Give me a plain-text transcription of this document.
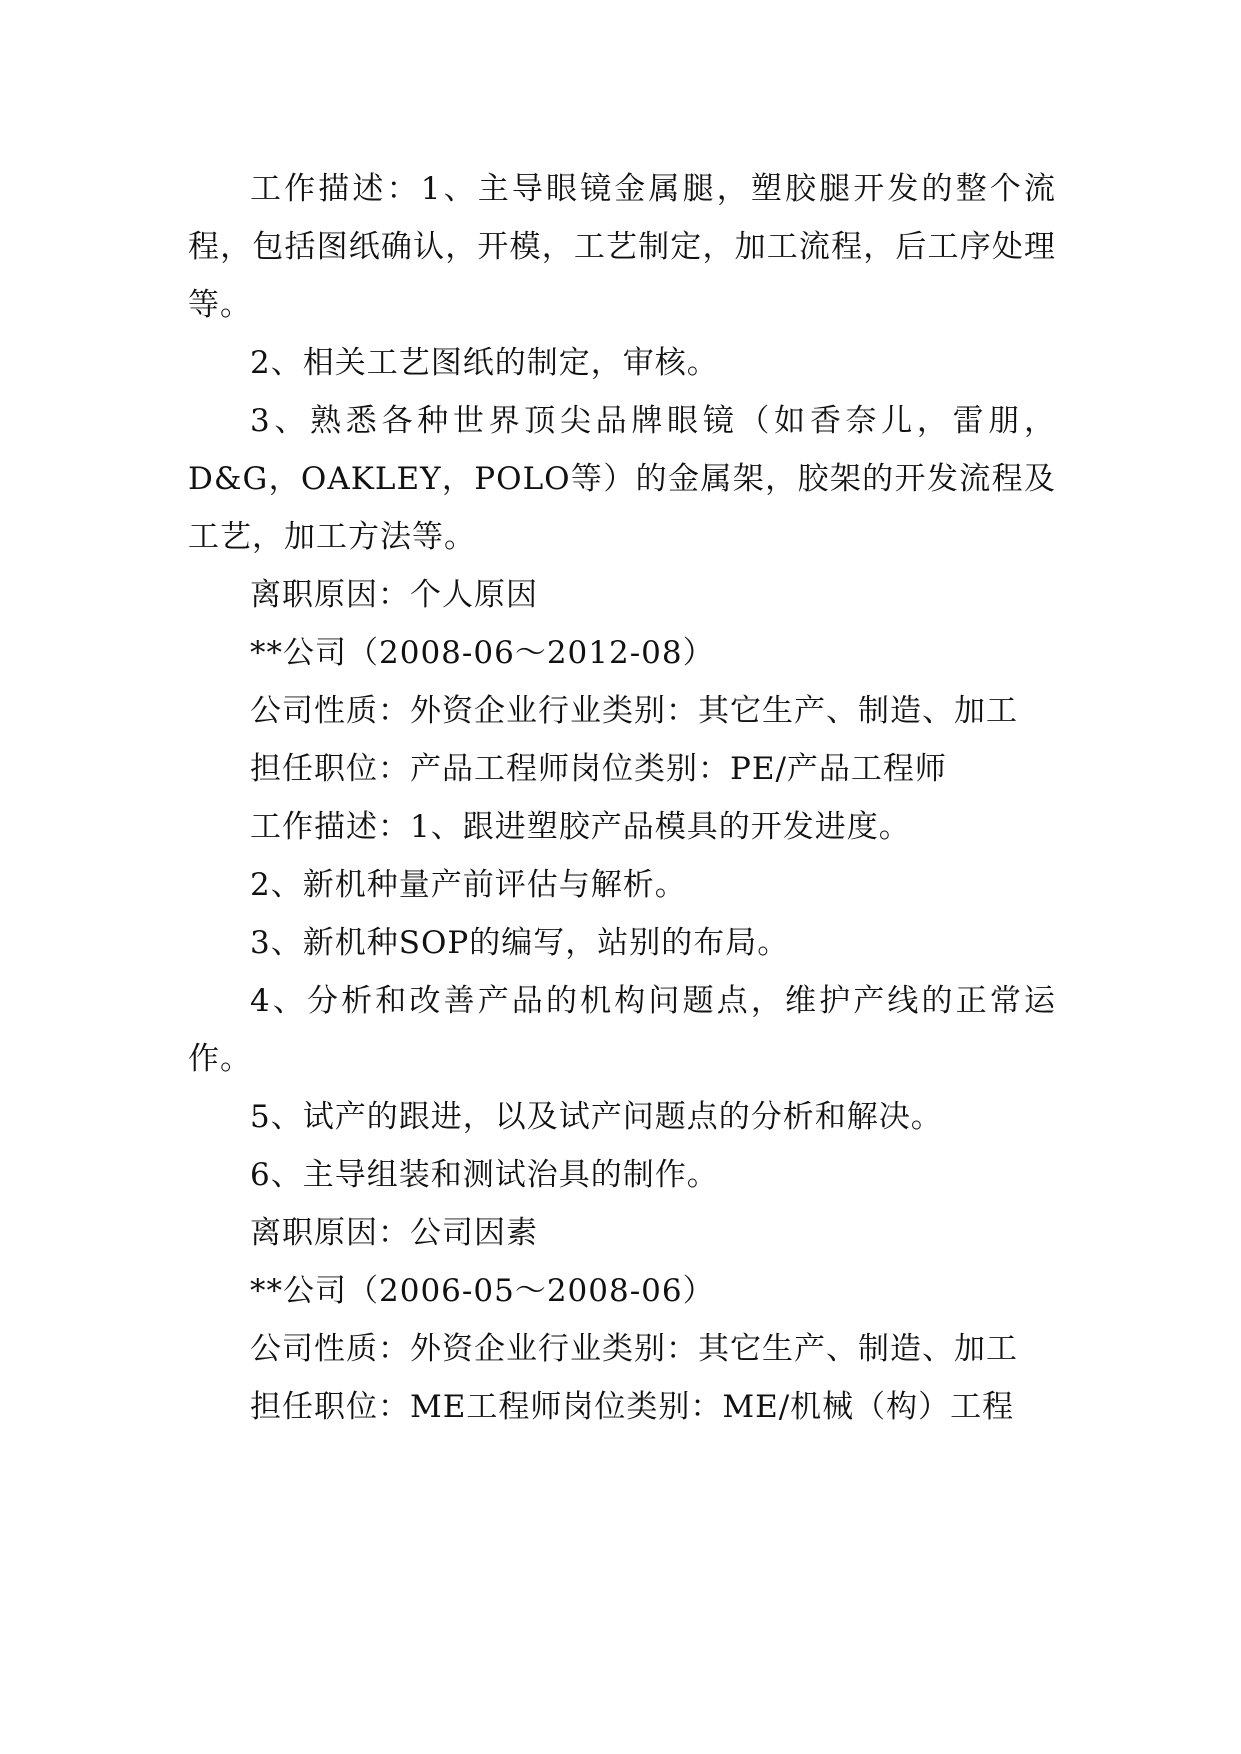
工作描述：1、主导眼镜金属腿，塑胶腿开发的整个流程，包括图纸确认，开模，工艺制定，加工流程，后工序处理等。

2、相关工艺图纸的制定，审核。

3、熟悉各种世界顶尖品牌眼镜（如香奈儿，雷朋，D&G，OAKLEY，POLO等）的金属架，胶架的开发流程及工艺，加工方法等。

离职原因：个人原因

**公司（2008-06～2012-08）

公司性质：外资企业行业类别：其它生产、制造、加工

担任职位：产品工程师岗位类别：PE/产品工程师

工作描述：1、跟进塑胶产品模具的开发进度。

2、新机种量产前评估与解析。

3、新机种SOP的编写，站别的布局。

4、分析和改善产品的机构问题点，维护产线的正常运作。

5、试产的跟进，以及试产问题点的分析和解决。

6、主导组装和测试治具的制作。

离职原因：公司因素

**公司（2006-05～2008-06）

公司性质：外资企业行业类别：其它生产、制造、加工

担任职位：ME工程师岗位类别：ME/机械（构）工程
